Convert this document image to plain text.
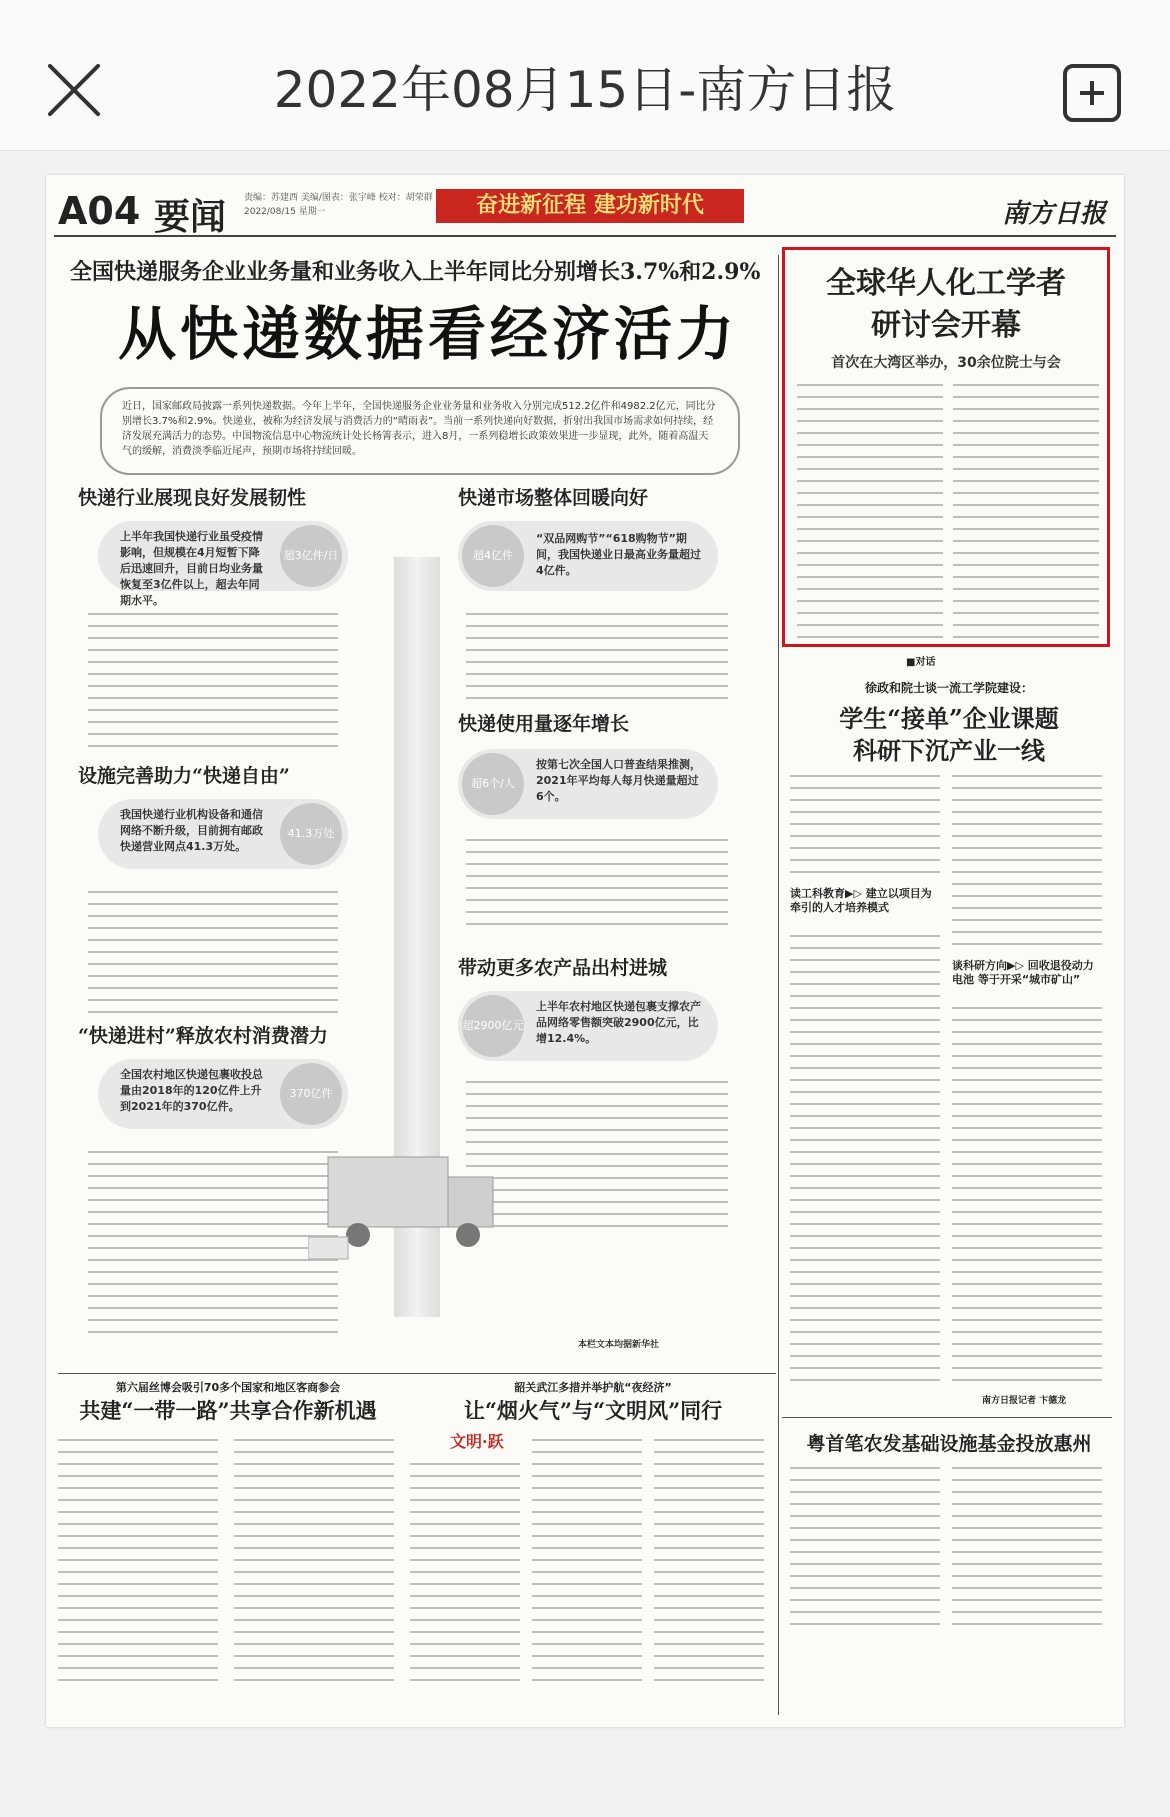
2022年08月15日-南方日报
A04 要闻 责编：苏建西 美编/图表：张宇峰 校对：胡荣群 2022/08/15 星期一	奋进新征程 建功新时代	南方日报
全国快递服务企业业务量和业务收入上半年同比分别增长3.7%和2.9%
从快递数据看经济活力
近日，国家邮政局披露一系列快递数据。今年上半年，全国快递服务企业业务量和业务收入分别完成512.2亿件和4982.2亿元，同比分别增长3.7%和2.9%。快递业，被称为经济发展与消费活力的“晴雨表”。当前一系列快递向好数据，折射出我国市场需求如何持续，经济发展充满活力的态势。中国物流信息中心物流统计处长杨箐表示，进入8月，一系列稳增长政策效果进一步显现，此外，随着高温天气的缓解，消费淡季临近尾声，预期市场将持续回暖。
快递行业展现良好发展韧性
上半年我国快递行业虽受疫情影响，但规模在4月短暂下降后迅速回升，目前日均业务量恢复至3亿件以上，超去年同期水平。
超3亿件/日
快递市场整体回暖向好
超4亿件
“双品网购节”“618购物节”期间，我国快递业日最高业务量超过4亿件。
快递使用量逐年增长
超6个/人
按第七次全国人口普查结果推测，2021年平均每人每月快递量超过6个。
设施完善助力“快递自由”
我国快递行业机构设备和通信网络不断升级，目前拥有邮政快递营业网点41.3万处。
41.3万处
带动更多农产品出村进城
超2900亿元
上半年农村地区快递包裹支撑农产品网络零售额突破2900亿元，比增12.4%。
“快递进村”释放农村消费潜力
全国农村地区快递包裹收投总量由2018年的120亿件上升到2021年的370亿件。
370亿件
本栏文本均据新华社
全球华人化工学者
研讨会开幕
首次在大湾区举办，30余位院士与会
■对话
徐政和院士谈一流工学院建设：
学生“接单”企业课题
科研下沉产业一线
读工科教育▶▷ 建立以项目为牵引的人才培养模式
谈科研方向▶▷ 回收退役动力电池 等于开采“城市矿山”
南方日报记者 卞德龙
粤首笔农发基础设施基金投放惠州
第六届丝博会吸引70多个国家和地区客商参会
共建“一带一路”共享合作新机遇
韶关武江多措并举护航“夜经济”
让“烟火气”与“文明风”同行
文明·跃
